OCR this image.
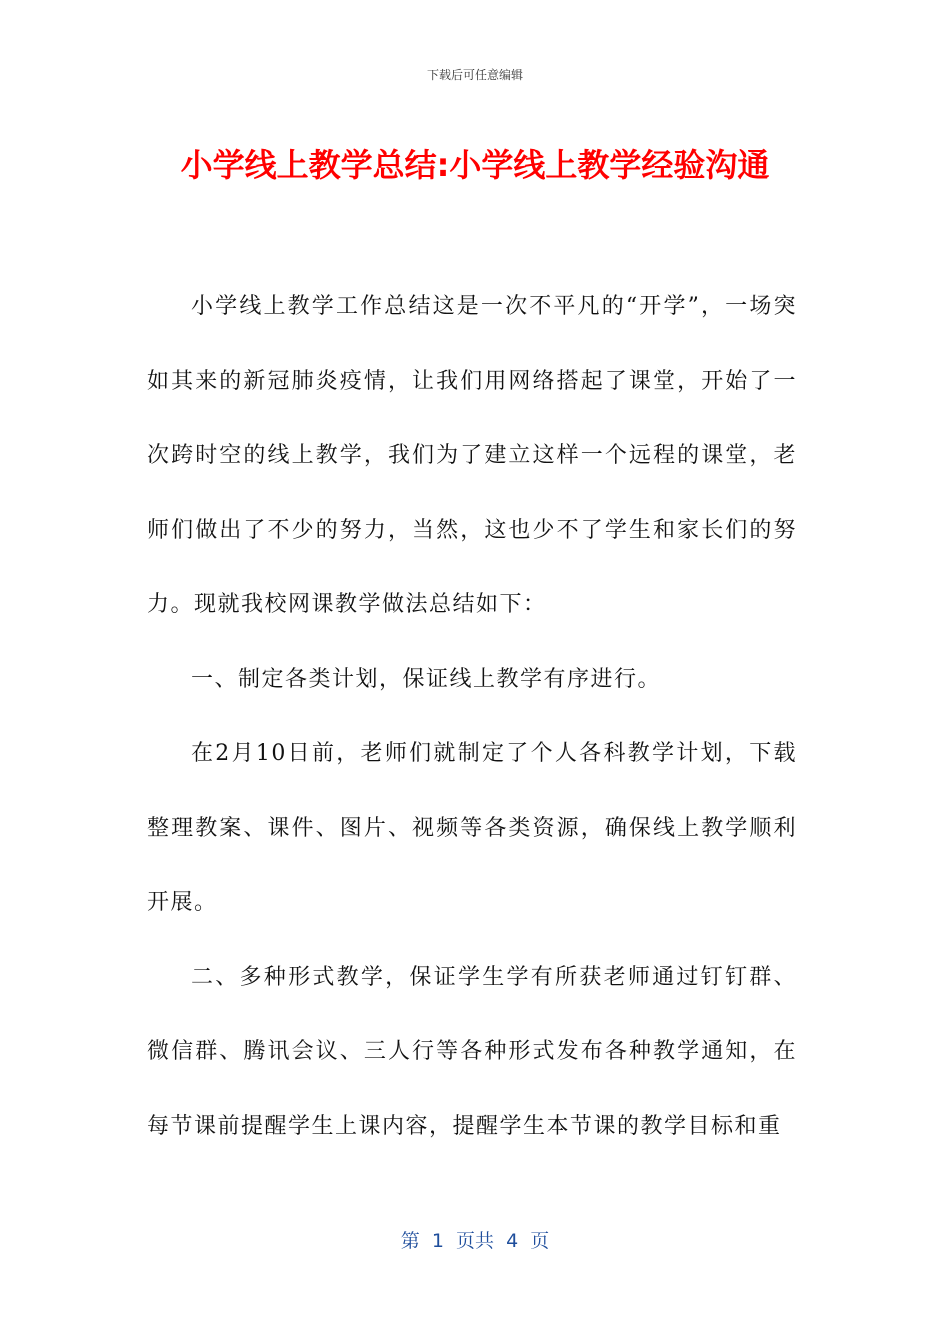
下载后可任意编辑
小学线上教学总结:小学线上教学经验沟通

小学线上教学工作总结这是一次不平凡的“开学”，一场突如其来的新冠肺炎疫情，让我们用网络搭起了课堂，开始了一次跨时空的线上教学，我们为了建立这样一个远程的课堂，老师们做出了不少的努力，当然，这也少不了学生和家长们的努力。现就我校网课教学做法总结如下：

一、制定各类计划，保证线上教学有序进行。

在2月10日前，老师们就制定了个人各科教学计划，下载整理教案、课件、图片、视频等各类资源，确保线上教学顺利开展。

二、多种形式教学，保证学生学有所获老师通过钉钉群、微信群、腾讯会议、三人行等各种形式发布各种教学通知，在每节课前提醒学生上课内容，提醒学生本节课的教学目标和重

第  1  页共  4  页
